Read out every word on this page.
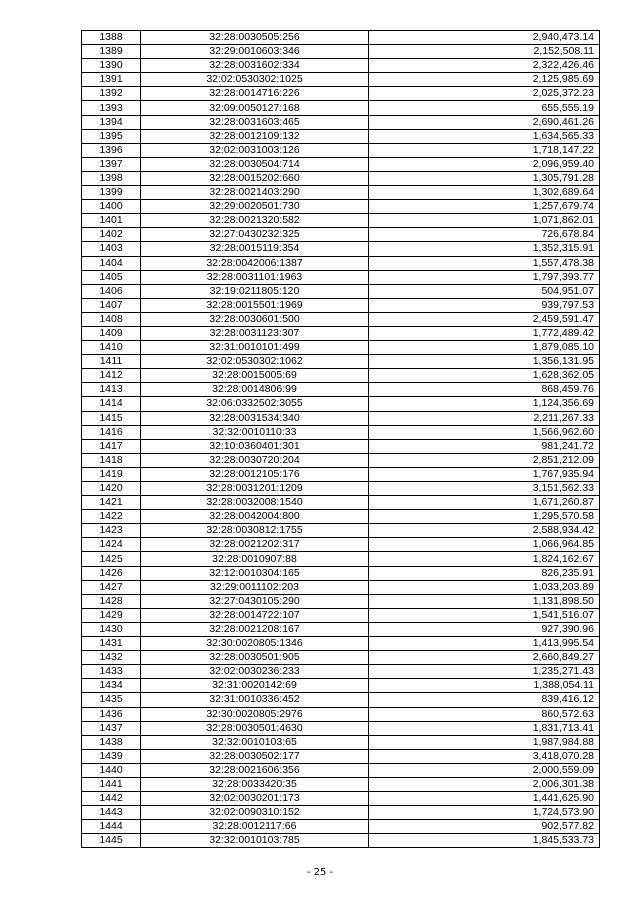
1388	32:28:0030505:256	2,940,473.14
1389	32:29:0010603:346	2,152,508.11
1390	32:28:0031602:334	2,322,426.46
1391	32:02:0530302:1025	2,125,985.69
1392	32:28:0014716:226	2,025,372.23
1393	32:09:0050127:168	655,555.19
1394	32:28:0031603:465	2,690,461.26
1395	32:28:0012109:132	1,634,565.33
1396	32:02:0031003:126	1,718,147.22
1397	32:28:0030504:714	2,096,959.40
1398	32:28:0015202:660	1,305,791.28
1399	32:28:0021403:290	1,302,689.64
1400	32:29:0020501:730	1,257,679.74
1401	32:28:0021320:582	1,071,862.01
1402	32:27:0430232:325	726,678.84
1403	32:28:0015119:354	1,352,315.91
1404	32:28:0042006:1387	1,557,478.38
1405	32:28:0031101:1963	1,797,393.77
1406	32:19:0211805:120	504,951.07
1407	32:28:0015501:1969	939,797.53
1408	32:28:0030601:500	2,459,591.47
1409	32:28:0031123:307	1,772,489.42
1410	32:31:0010101:499	1,879,085.10
1411	32:02:0530302:1062	1,356,131.95
1412	32:28:0015005:69	1,628,362.05
1413	32:28:0014806:99	868,459.76
1414	32:06:0332502:3055	1,124,356.69
1415	32:28:0031534:340	2,211,267.33
1416	32:32:0010110:33	1,566,962.60
1417	32:10:0360401:301	981,241.72
1418	32:28:0030720:204	2,851,212.09
1419	32:28:0012105:176	1,767,935.94
1420	32:28:0031201:1209	3,151,562.33
1421	32:28:0032008:1540	1,671,260.87
1422	32:28:0042004:800	1,295,570.58
1423	32:28:0030812:1755	2,588,934.42
1424	32:28:0021202:317	1,066,964.85
1425	32:28:0010907:88	1,824,162.67
1426	32:12:0010304:165	826,235.91
1427	32:29:0011102:203	1,033,203.89
1428	32:27:0430105:290	1,131,898.50
1429	32:28:0014722:107	1,541,516.07
1430	32:28:0021208:167	927,390.96
1431	32:30:0020805:1346	1,413,995.54
1432	32:28:0030501:905	2,660,849.27
1433	32:02:0030236:233	1,235,271.43
1434	32:31:0020142:69	1,388,054.11
1435	32:31:0010336:452	839,416.12
1436	32:30:0020805:2976	860,572.63
1437	32:28:0030501:4630	1,831,713.41
1438	32:32:0010103:65	1,987,984.88
1439	32:28:0030502:177	3,418,070.28
1440	32:28:0021606:356	2,000,559.09
1441	32:28:0033420:35	2,006,301.38
1442	32:02:0030201:173	1,441,625.90
1443	32:02:0090310:152	1,724,573.90
1444	32:28:0012117:66	902,577.82
1445	32:32:0010103:785	1,845,533.73
- 25 -
